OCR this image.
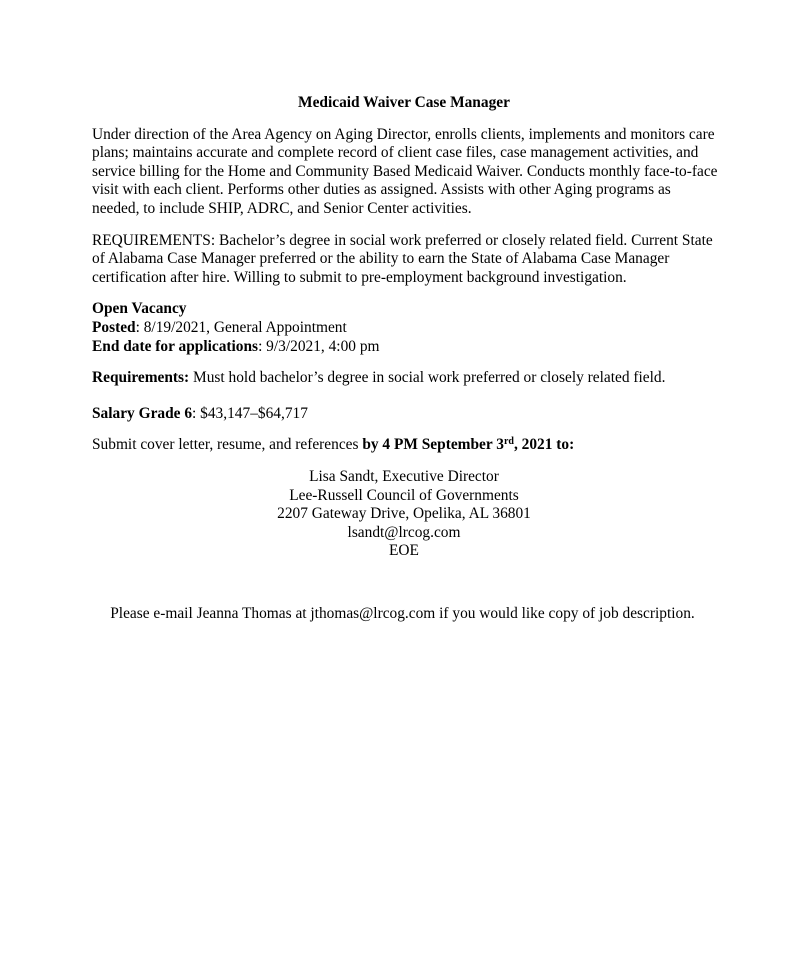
Medicaid Waiver Case Manager

Under direction of the Area Agency on Aging Director, enrolls clients, implements and monitors care plans; maintains accurate and complete record of client case files, case management activities, and service billing for the Home and Community Based Medicaid Waiver. Conducts monthly face-to-face visit with each client. Performs other duties as assigned. Assists with other Aging programs as needed, to include SHIP, ADRC, and Senior Center activities.

REQUIREMENTS: Bachelor’s degree in social work preferred or closely related field. Current State of Alabama Case Manager preferred or the ability to earn the State of Alabama Case Manager certification after hire. Willing to submit to pre-employment background investigation.

Open Vacancy
Posted: 8/19/2021, General Appointment
End date for applications: 9/3/2021, 4:00 pm

Requirements: Must hold bachelor’s degree in social work preferred or closely related field.

Salary Grade 6: $43,147–$64,717

Submit cover letter, resume, and references by 4 PM September 3rd, 2021 to:

Lisa Sandt, Executive Director
Lee-Russell Council of Governments
2207 Gateway Drive, Opelika, AL 36801
lsandt@lrcog.com
EOE

Please e-mail Jeanna Thomas at jthomas@lrcog.com if you would like copy of job description.
